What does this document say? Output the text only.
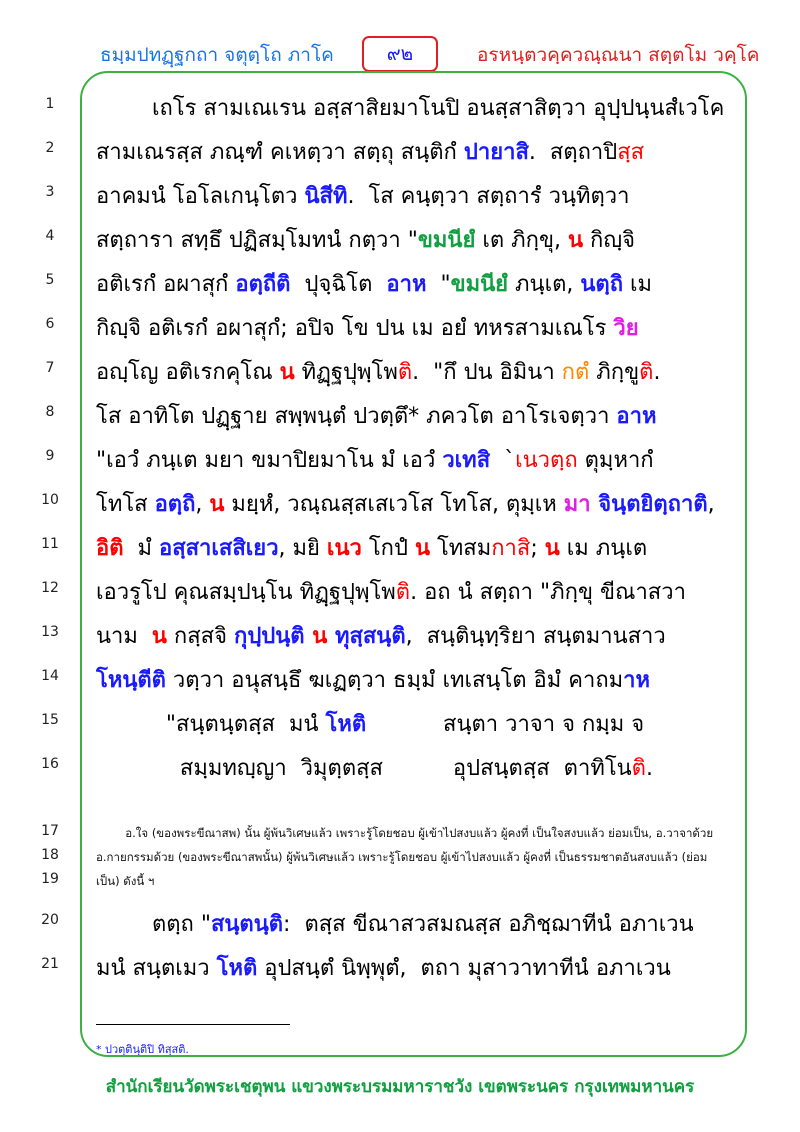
ธมฺมปทฏฺฐกถา จตุตฺโถ ภาโค	๙๒	อรหนฺตวคฺควณฺณนา สตฺตโม วคฺโค
1	เถโร สามเณเรน อสฺสาสิยมาโนปิ อนสฺสาสิตฺวา อุปฺปนฺนสํเวโค
2	สามเณรสฺส ภณฺฑํ คเหตฺวา สตฺถุ สนฺติกํ ปายาสิ.  สตฺถาปิสฺส
3	อาคมนํ โอโลเกนฺโตว นิสีทิ.  โส คนฺตฺวา สตฺถารํ วนฺทิตฺวา
4	สตฺถารา สทฺธึ ปฏิสมฺโมทนํ กตฺวา "ขมนียํ เต ภิกฺขุ, น กิญฺจิ
5	อติเรกํ อผาสุกํ อตฺถีติ  ปุจฺฉิโต  อาห  "ขมนียํ ภนฺเต, นตฺถิ เม
6	กิญฺจิ อติเรกํ อผาสุกํ; อปิจ โข ปน เม อยํ ทหรสามเณโร วิย
7	อญฺโญ อติเรกคุโณ น ทิฏฺฐปุพฺโพติ.  "กึ ปน อิมินา กตํ ภิกฺขูติ.
8	โส อาทิโต ปฏฺฐาย สพฺพนฺตํ ปวตฺตึ* ภควโต อาโรเจตฺวา อาห
9	"เอวํ ภนฺเต มยา ขมาปิยมาโน มํ เอวํ วเทสิ  `เนวตฺถ ตุมฺหากํ
10	โทโส อตฺถิ, น มยฺหํ, วณฺณสฺสเสเวโส โทโส, ตุมฺเห มา จินฺตยิตฺถาติ,
11	อิติ  มํ อสฺสาเสสิเยว, มยิ เนว โกปํ น โทสมกาสิ; น เม ภนฺเต
12	เอวรูโป คุณสมฺปนฺโน ทิฏฺฐปุพฺโพติ. อถ นํ สตฺถา "ภิกฺขุ ขีณาสวา
13	นาม  น กสฺสจิ กุปฺปนฺติ น ทุสฺสนฺติ,  สนฺตินฺทฺริยา สนฺตมานสาว
14	โหนฺตีติ วตฺวา อนุสนฺธึ ฆเฏตฺวา ธมฺมํ เทเสนฺโต อิมํ คาถมาห
15	"สนฺตนฺตสฺส  มนํ โหติ           สนฺตา วาจา จ กมฺม จ
16	สมฺมทญฺญา  วิมุตฺตสฺส          อุปสนฺตสฺส  ตาทิโนติ.
17	อ.ใจ (ของพระขีณาสพ) นั้น ผู้พ้นวิเศษแล้ว เพราะรู้โดยชอบ ผู้เข้าไปสงบแล้ว ผู้คงที่ เป็นใจสงบแล้ว ย่อมเป็น, อ.วาจาด้วย
18	อ.กายกรรมด้วย (ของพระขีณาสพนั้น) ผู้พ้นวิเศษแล้ว เพราะรู้โดยชอบ ผู้เข้าไปสงบแล้ว ผู้คงที่ เป็นธรรมชาตอันสงบแล้ว (ย่อม
19	เป็น) ดังนี้ ฯ
20	ตตฺถ "สนฺตนฺติ:  ตสฺส ขีณาสวสมณสฺส อภิชฺฌาทีนํ อภาเวน
21	มนํ สนฺตเมว โหติ อุปสนฺตํ นิพฺพุตํ,  ตถา มุสาวาทาทีนํ อภาเวน
* ปวตฺตินฺติปิ ทิสฺสติ.
สำนักเรียนวัดพระเชตุพน แขวงพระบรมมหาราชวัง เขตพระนคร กรุงเทพมหานคร
